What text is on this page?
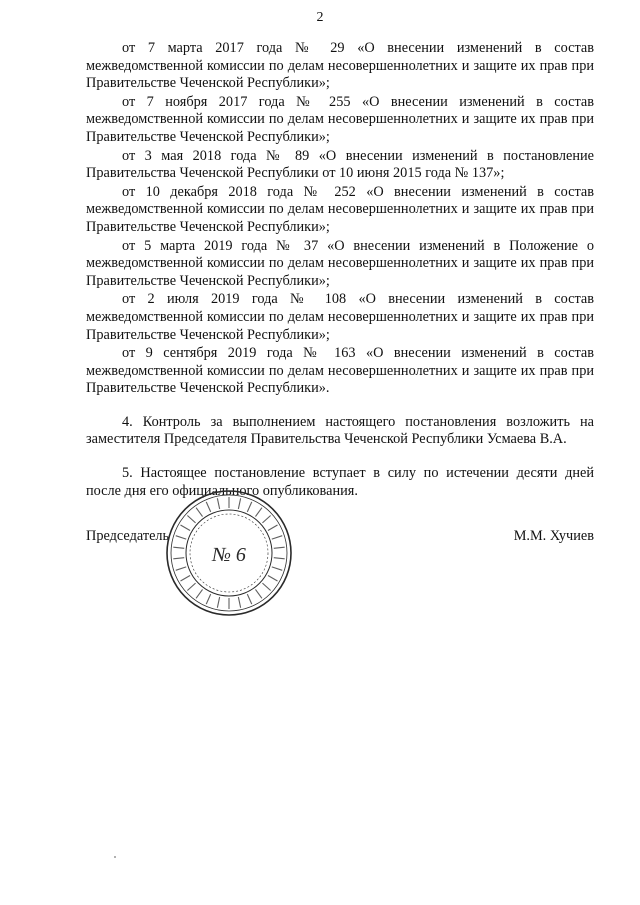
2

от 7 марта 2017 года № 29 «О внесении изменений в состав межведомственной комиссии по делам несовершеннолетних и защите их прав при Правительстве Чеченской Республики»;

от 7 ноября 2017 года № 255 «О внесении изменений в состав межведомственной комиссии по делам несовершеннолетних и защите их прав при Правительстве Чеченской Республики»;

от 3 мая 2018 года № 89 «О внесении изменений в постановление Правительства Чеченской Республики от 10 июня 2015 года № 137»;

от 10 декабря 2018 года № 252 «О внесении изменений в состав межведомственной комиссии по делам несовершеннолетних и защите их прав при Правительстве Чеченской Республики»;

от 5 марта 2019 года № 37 «О внесении изменений в Положение о межведомственной комиссии по делам несовершеннолетних и защите их прав при Правительстве Чеченской Республики»;

от 2 июля 2019 года № 108 «О внесении изменений в состав межведомственной комиссии по делам несовершеннолетних и защите их прав при Правительстве Чеченской Республики»;

от 9 сентября 2019 года № 163 «О внесении изменений в состав межведомственной комиссии по делам несовершеннолетних и защите их прав при Правительстве Чеченской Республики».

4. Контроль за выполнением настоящего постановления возложить на заместителя Председателя Правительства Чеченской Республики Усмаева В.А.

5. Настоящее постановление вступает в силу по истечении десяти дней после дня его официального опубликования.

Председатель	М.М. Хучиев
№ 6
